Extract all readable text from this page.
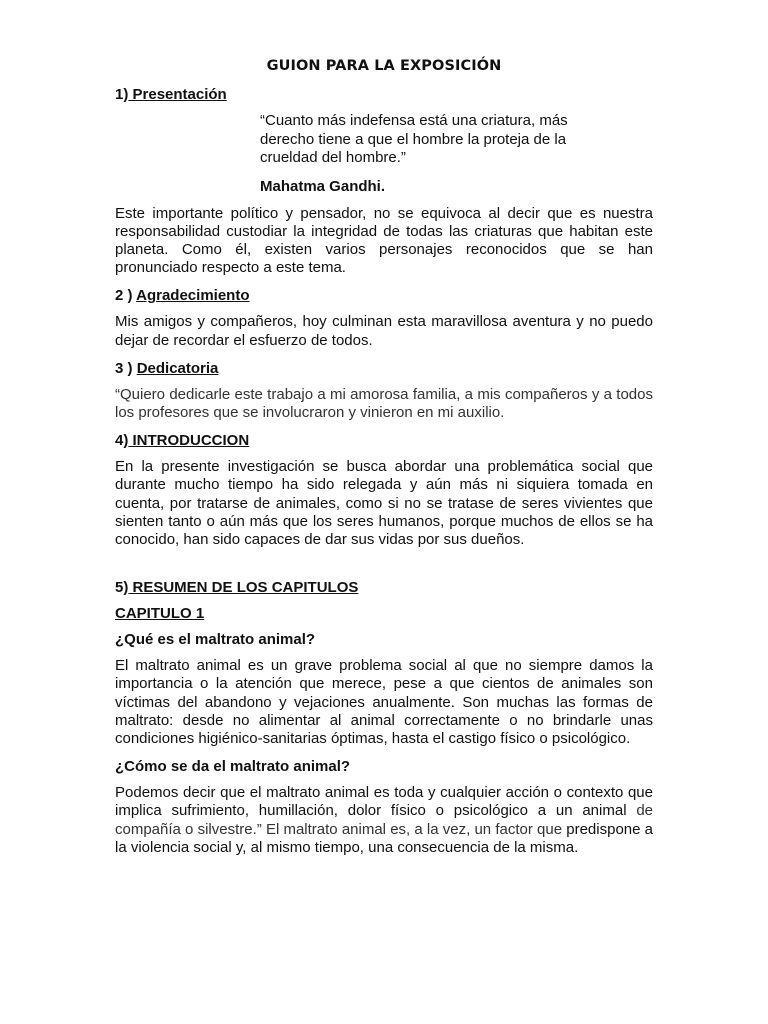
GUION PARA LA EXPOSICIÓN
1) Presentación

“Cuanto más indefensa está una criatura, más derecho tiene a que el hombre la proteja de la crueldad del hombre.”

Mahatma Gandhi.

Este importante político y pensador, no se equivoca al decir que es nuestra responsabilidad custodiar la integridad de todas las criaturas que habitan este planeta. Como él, existen varios personajes reconocidos que se han pronunciado respecto a este tema.

2 ) Agradecimiento

Mis amigos y compañeros, hoy culminan esta maravillosa aventura y no puedo dejar de recordar el esfuerzo de todos.

3 ) Dedicatoria

“Quiero dedicarle este trabajo a mi amorosa familia, a mis compañeros y a todos los profesores que se involucraron y vinieron en mi auxilio.

4) INTRODUCCION

En la presente investigación se busca abordar una problemática social que durante mucho tiempo ha sido relegada y aún más ni siquiera tomada en cuenta, por tratarse de animales, como si no se tratase de seres vivientes que sienten tanto o aún más que los seres humanos, porque muchos de ellos se ha conocido, han sido capaces de dar sus vidas por sus dueños.

5) RESUMEN DE LOS CAPITULOS
CAPITULO 1
¿Qué es el maltrato animal?

El maltrato animal es un grave problema social al que no siempre damos la importancia o la atención que merece, pese a que cientos de animales son víctimas del abandono y vejaciones anualmente. Son muchas las formas de maltrato: desde no alimentar al animal correctamente o no brindarle unas condiciones higiénico-sanitarias óptimas, hasta el castigo físico o psicológico.

¿Cómo se da el maltrato animal?

Podemos decir que el maltrato animal es toda y cualquier acción o contexto que implica sufrimiento, humillación, dolor físico o psicológico a un animal de compañía o silvestre.” El maltrato animal es, a la vez, un factor que predispone a la violencia social y, al mismo tiempo, una consecuencia de la misma.
